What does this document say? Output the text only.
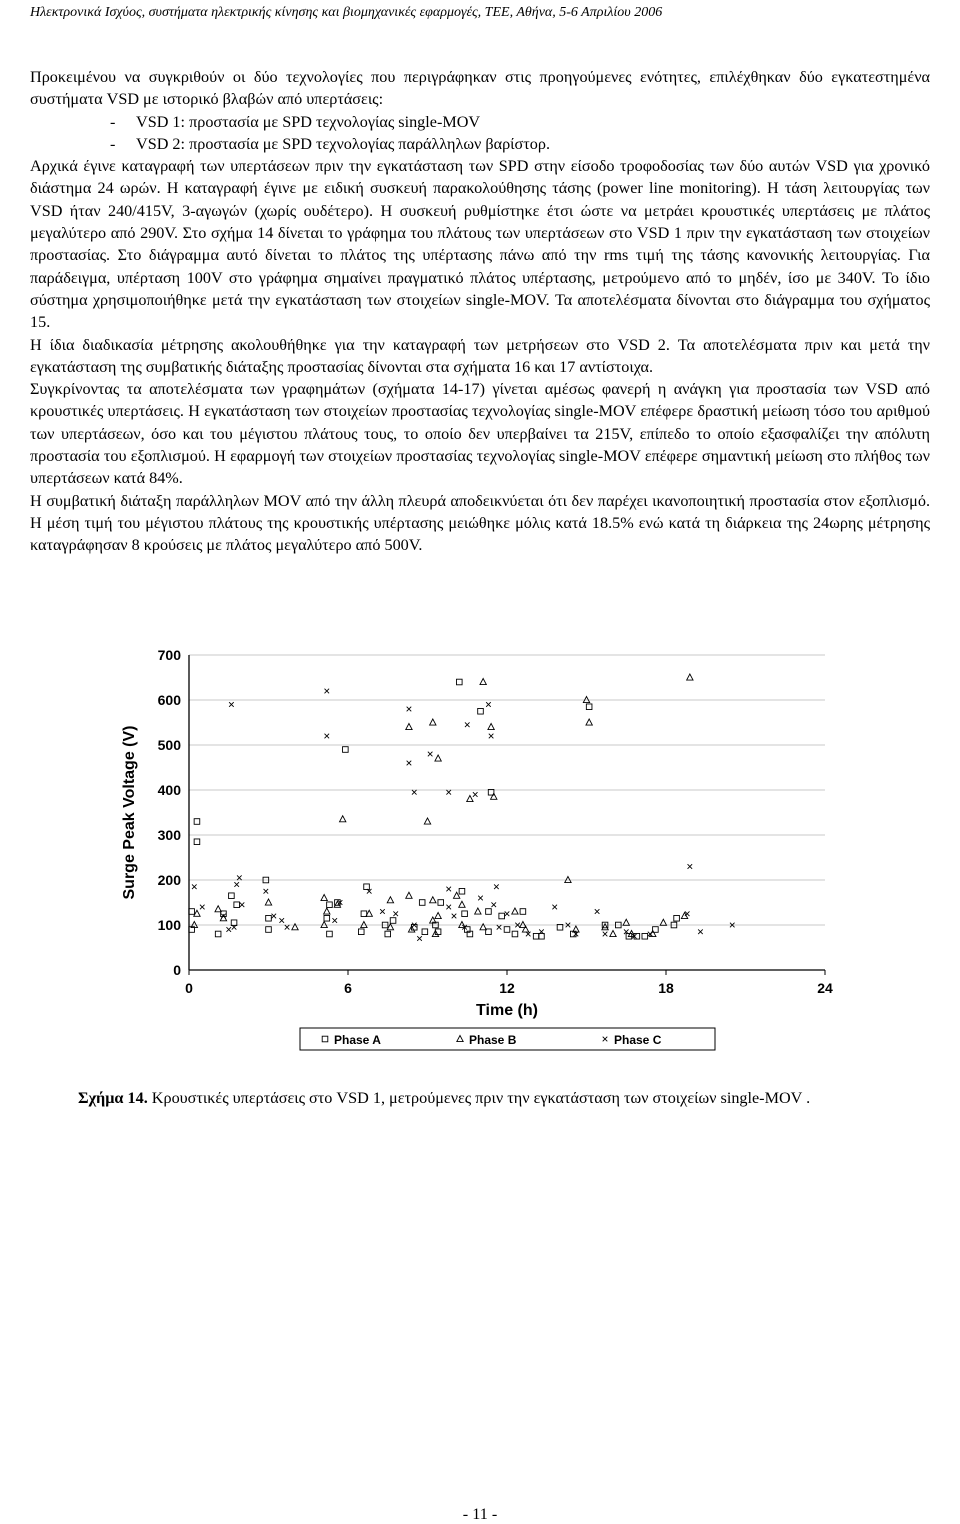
Ηλεκτρονικά Ισχύος, συστήματα ηλεκτρικής κίνησης και βιομηχανικές εφαρμογές, ΤΕΕ, Αθήνα, 5-6 Απριλίου 2006

Προκειμένου να συγκριθούν οι δύο τεχνολογίες που περιγράφηκαν στις προηγούμενες ενότητες, επιλέχθηκαν δύο εγκατεστημένα συστήματα VSD με ιστορικό βλαβών από υπερτάσεις:

- VSD 1: προστασία με SPD τεχνολογίας single-MOV
- VSD 2: προστασία με SPD τεχνολογίας παράλληλων βαρίστορ.

Αρχικά έγινε καταγραφή των υπερτάσεων πριν την εγκατάσταση των SPD στην είσοδο τροφοδοσίας των δύο αυτών VSD για χρονικό διάστημα 24 ωρών. Η καταγραφή έγινε με ειδική συσκευή παρακολούθησης τάσης (power line monitoring). Η τάση λειτουργίας των VSD ήταν 240/415V, 3-αγωγών (χωρίς ουδέτερο). Η συσκευή ρυθμίστηκε έτσι ώστε να μετράει κρουστικές υπερτάσεις με πλάτος μεγαλύτερο από 290V. Στο σχήμα 14 δίνεται το γράφημα του πλάτους των υπερτάσεων στο VSD 1 πριν την εγκατάσταση των στοιχείων προστασίας. Στο διάγραμμα αυτό δίνεται το πλάτος της υπέρτασης πάνω από την rms τιμή της τάσης κανονικής λειτουργίας. Για παράδειγμα, υπέρταση 100V στο γράφημα σημαίνει πραγματικό πλάτος υπέρτασης, μετρούμενο από το μηδέν, ίσο με 340V. Το ίδιο σύστημα χρησιμοποιήθηκε μετά την εγκατάσταση των στοιχείων single-MOV. Τα αποτελέσματα δίνονται στο διάγραμμα του σχήματος 15.

Η ίδια διαδικασία μέτρησης ακολουθήθηκε για την καταγραφή των μετρήσεων στο VSD 2. Τα αποτελέσματα πριν και μετά την εγκατάσταση της συμβατικής διάταξης προστασίας δίνονται στα σχήματα 16 και 17 αντίστοιχα.

Συγκρίνοντας τα αποτελέσματα των γραφημάτων (σχήματα 14-17) γίνεται αμέσως φανερή η ανάγκη για προστασία των VSD από κρουστικές υπερτάσεις. Η εγκατάσταση των στοιχείων προστασίας τεχνολογίας single-MOV επέφερε δραστική μείωση τόσο του αριθμού των υπερτάσεων, όσο και του μέγιστου πλάτους τους, το οποίο δεν υπερβαίνει τα 215V, επίπεδο το οποίο εξασφαλίζει την απόλυτη προστασία του εξοπλισμού. Η εφαρμογή των στοιχείων προστασίας τεχνολογίας single-MOV επέφερε σημαντική μείωση στο πλήθος των υπερτάσεων κατά 84%.

Η συμβατική διάταξη παράλληλων MOV από την άλλη πλευρά αποδεικνύεται ότι δεν παρέχει ικανοποιητική προστασία στον εξοπλισμό. Η μέση τιμή του μέγιστου πλάτους της κρουστικής υπέρτασης μειώθηκε μόλις κατά 18.5% ενώ κατά τη διάρκεια της 24ωρης μέτρησης καταγράφησαν 8 κρούσεις με πλάτος μεγαλύτερο από 500V.

0
100
200
300
400
500
600
700
0	6	12	18	24
Surge Peak Voltage (V)
Time (h)
Phase A	Phase B	Phase C
Σχήμα 14. Κρουστικές υπερτάσεις στο VSD 1, μετρούμενες πριν την εγκατάσταση των στοιχείων single-MOV .
- 11 -
